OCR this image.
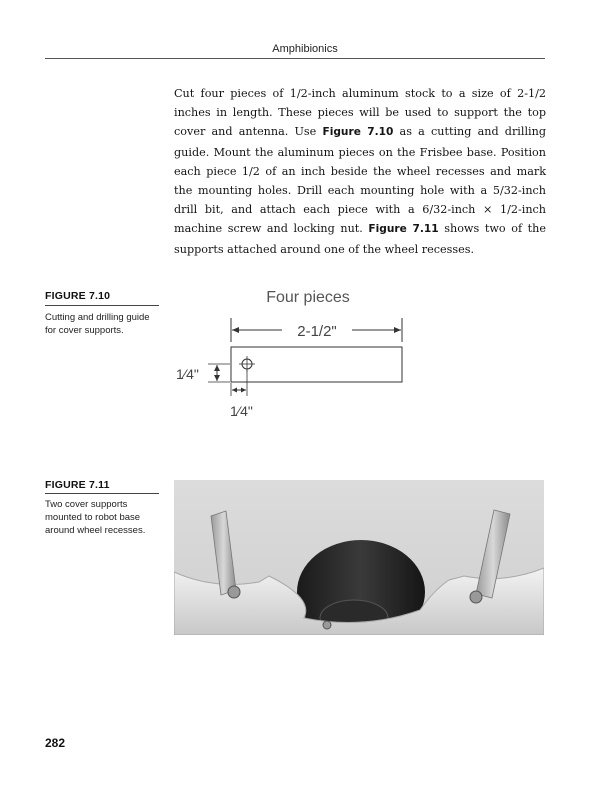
Amphibionics

Cut four pieces of 1/2-inch aluminum stock to a size of 2-1/2 inches in length. These pieces will be used to support the top cover and antenna. Use Figure 7.10 as a cutting and drilling guide. Mount the aluminum pieces on the Frisbee base. Position each piece 1/2 of an inch beside the wheel recesses and mark the mounting holes. Drill each mounting hole with a 5/32-inch drill bit, and attach each piece with a 6/32-inch × 1/2-inch machine screw and locking nut. Figure 7.11 shows two of the supports attached around one of the wheel recesses.

FIGURE 7.10
Cutting and drilling guide for cover supports.
Four pieces
2-1/2"
1⁄4"
1⁄4"
FIGURE 7.11
Two cover supports mounted to robot base around wheel recesses.
282
